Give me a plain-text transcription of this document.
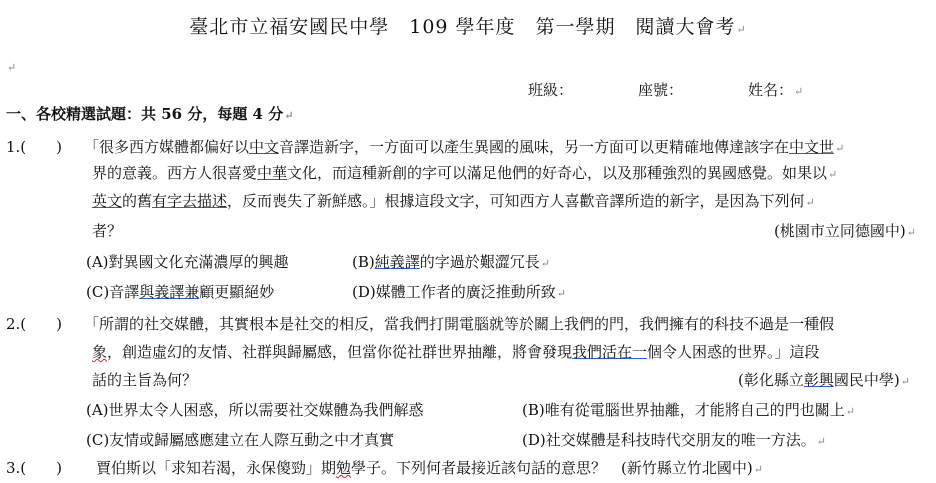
臺北市立福安國民中學　109 學年度　第一學期　閱讀大會考↵
↵
班級：	座號：	姓名：↵
一、各校精選試題：共 56 分，每題 4 分↵
1.(　　) 「很多西方媒體都偏好以中文音譯造新字，一方面可以產生異國的風味，另一方面可以更精確地傳達該字在中文世↵
界的意義。西方人很喜愛中華文化，而這種新創的字可以滿足他們的好奇心，以及那種強烈的異國感覺。如果以↵
英文的舊有字去描述，反而喪失了新鮮感。」根據這段文字，可知西方人喜歡音譯所造的新字，是因為下列何↵
者？	(桃園市立同德國中)↵
(A)對異國文化充滿濃厚的興趣	(B)純義譯的字過於艱澀冗長↵
(C)音譯與義譯兼顧更顯絕妙	(D)媒體工作者的廣泛推動所致↵
2.(　　) 「所謂的社交媒體，其實根本是社交的相反，當我們打開電腦就等於關上我們的門，我們擁有的科技不過是一種假
象，創造虛幻的友情、社群與歸屬感，但當你從社群世界抽離，將會發現我們活在一個令人困惑的世界。」這段
話的主旨為何？	(彰化縣立彰興國民中學)↵
(A)世界太令人困惑，所以需要社交媒體為我們解惑	(B)唯有從電腦世界抽離，才能將自己的門也關上↵
(C)友情或歸屬感應建立在人際互動之中才真實	(D)社交媒體是科技時代交朋友的唯一方法。↵
3.(　　) 賈伯斯以「求知若渴，永保傻勁」期勉學子。下列何者最接近該句話的意思？　(新竹縣立竹北國中)↵
